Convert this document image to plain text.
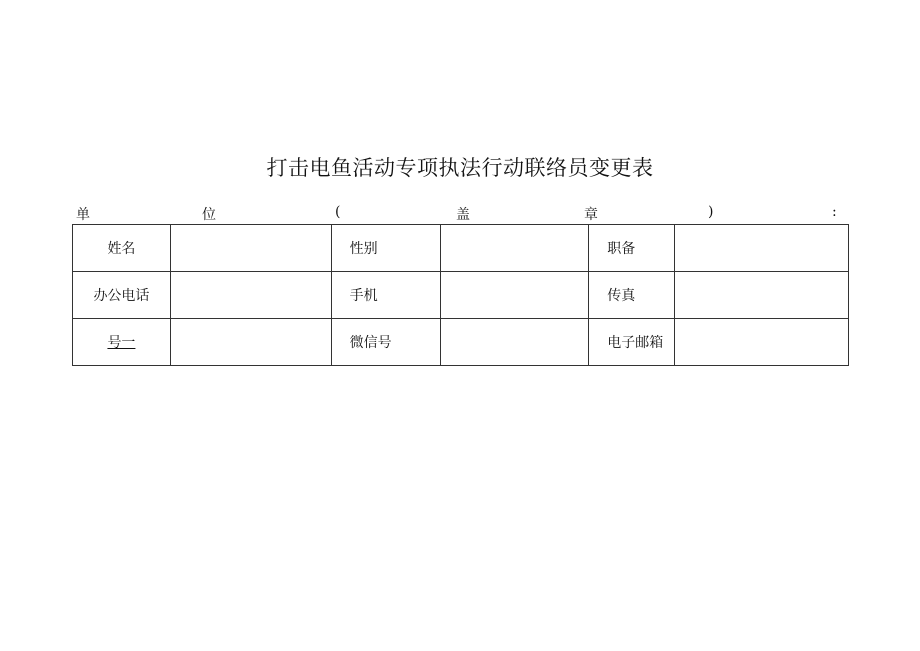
打击电鱼活动专项执法行动联络员变更表
单	位	(	盖	章	)	:
姓名		性别		职备	
办公电话		手机		传真	
号一		微信号		电子邮箱	
